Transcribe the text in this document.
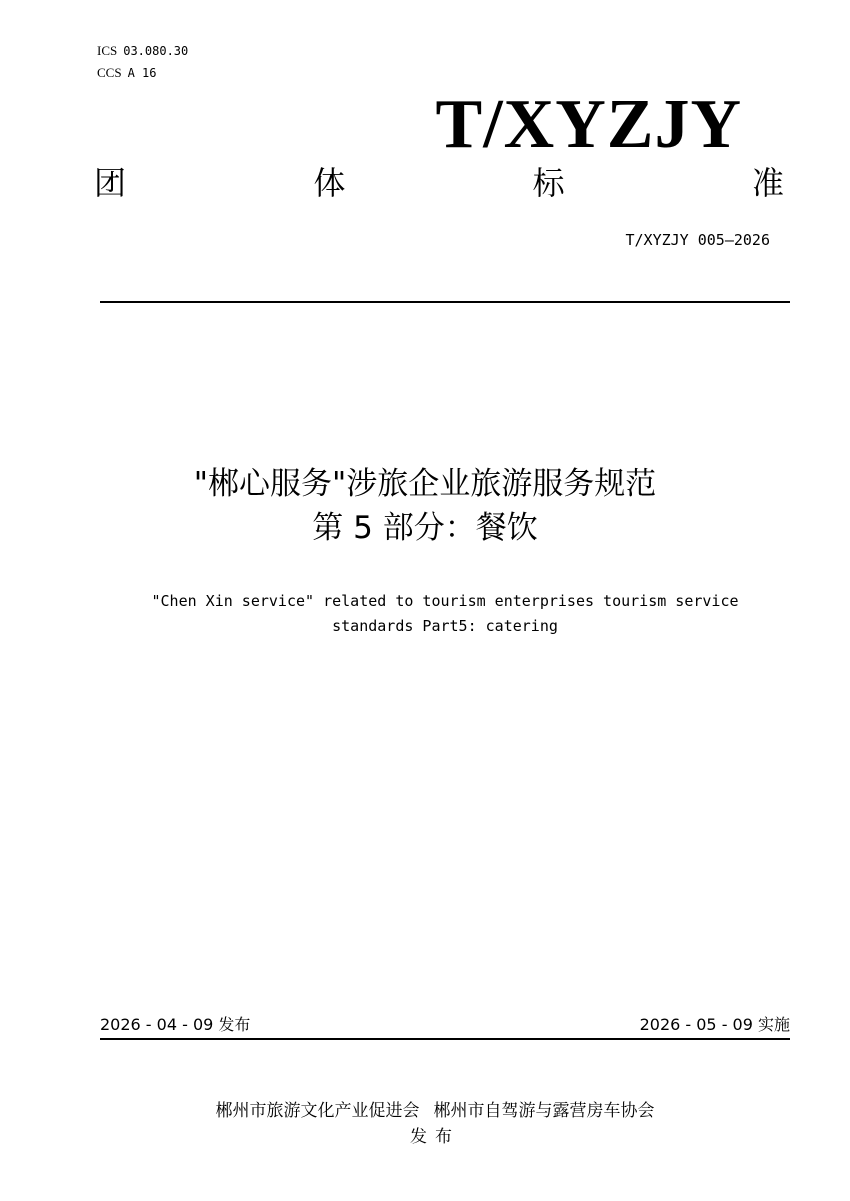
ICS 03.080.30
CCS A 16
T/XYZJY
团	体	标	准
T/XYZJY 005—2026
"郴心服务"涉旅企业旅游服务规范
第 5 部分：餐饮
"Chen Xin service" related to tourism enterprises tourism service
standards Part5: catering
2026 - 04 - 09 发布	2026 - 05 - 09 实施
郴州市旅游文化产业促进会 郴州市自驾游与露营房车协会
发布
